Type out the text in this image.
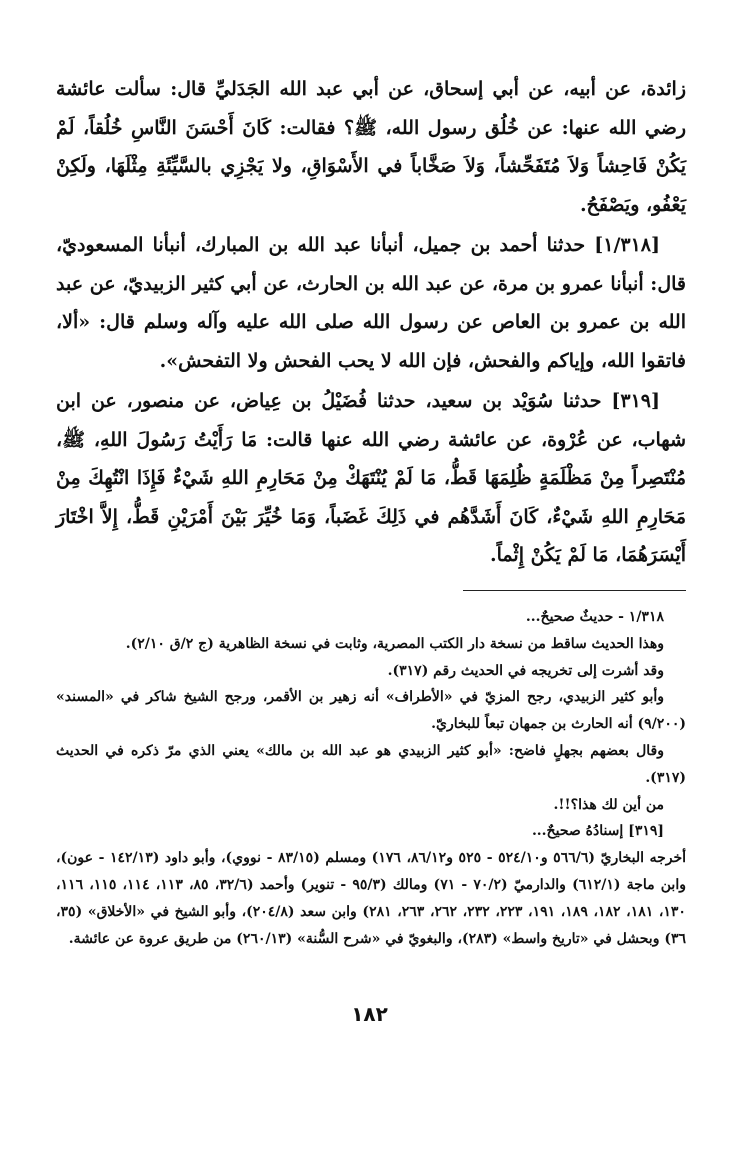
زائدة، عن أبيه، عن أبي إسحاق، عن أبي عبد الله الجَدَليِّ قال: سألت عائشة رضي الله عنها: عن خُلُق رسول الله، ﷺ؟ فقالت: كَانَ أَحْسَنَ النَّاسِ خُلُقاً، لَمْ يَكُنْ فَاحِشاً وَلاَ مُتَفَحِّشاً، وَلاَ صَخَّاباً في الأَسْوَاقِ، ولا يَجْزِي بالسَّيِّئَةِ مِثْلَهَا، ولَكِنْ يَعْفُو، ويَصْفَحُ.

[١/٣١٨] حدثنا أحمد بن جميل، أنبأنا عبد الله بن المبارك، أنبأنا المسعوديّ، قال: أنبأنا عمرو بن مرة، عن عبد الله بن الحارث، عن أبي كثير الزبيديّ، عن عبد الله بن عمرو بن العاص عن رسول الله صلى الله عليه وآله وسلم قال: «ألا، فاتقوا الله، وإياكم والفحش، فإن الله لا يحب الفحش ولا التفحش».

[٣١٩] حدثنا سُوَيْد بن سعيد، حدثنا فُضَيْلُ بن عِياض، عن منصور، عن ابن شهاب، عن عُرْوة، عن عائشة رضي الله عنها قالت: مَا رَأَيْتُ رَسُولَ اللهِ، ﷺ، مُنْتَصِراً مِنْ مَظْلَمَةٍ ظُلِمَهَا قَطُّ، مَا لَمْ يُنْتَهَكْ مِنْ مَحَارِمِ اللهِ شَيْءٌ فَإِذَا انْتُهِكَ مِنْ مَحَارِمِ اللهِ شَيْءٌ، كَانَ أَشَدَّهُم في ذَلِكَ غَضَباً، وَمَا خُيِّرَ بَيْنَ أَمْرَيْنِ قَطُّ، إِلاَّ اخْتَارَ أَيْسَرَهُمَا، مَا لَمْ يَكُنْ إِثْماً.

١/٣١٨ - حديثٌ صحيحٌ...

وهذا الحديث ساقط من نسخة دار الكتب المصرية، وثابت في نسخة الظاهرية (ج ٢/ق ٢/١٠).

وقد أشرت إلى تخريجه في الحديث رقم (٣١٧).

وأبو كثير الزبيدي، رجح المزيّ في «الأطراف» أنه زهير بن الأقمر، ورجح الشيخ شاكر في «المسند» (٩/٢٠٠) أنه الحارث بن جمهان تبعاً للبخاريّ.

وقال بعضهم بجهلٍ فاضح: «أبو كثير الزبيدي هو عبد الله بن مالك» يعني الذي مرّ ذكره في الحديث (٣١٧).

من أين لك هذا؟!!.

[٣١٩] إسنادُهُ صحيحٌ...

أخرجه البخاريّ (٥٦٦/٦ و٥٢٤/١٠ - ٥٢٥ و٨٦/١٢، ١٧٦) ومسلم (٨٣/١٥ - نووي)، وأبو داود (١٤٢/١٣ - عون)، وابن ماجة (٦١٢/١) والدارميّ (٧٠/٢ - ٧١) ومالك (٩٥/٣ - تنوير) وأحمد (٣٢/٦، ٨٥، ١١٣، ١١٤، ١١٥، ١١٦، ١٣٠، ١٨١، ١٨٢، ١٨٩، ١٩١، ٢٢٣، ٢٣٢، ٢٦٢، ٢٦٣، ٢٨١) وابن سعد (٢٠٤/٨)، وأبو الشيخ في «الأخلاق» (٣٥، ٣٦) وبحشل في «تاريخ واسط» (٢٨٣)، والبغويّ في «شرح السُّنة» (٢٦٠/١٣) من طريق عروة عن عائشة.

١٨٢
